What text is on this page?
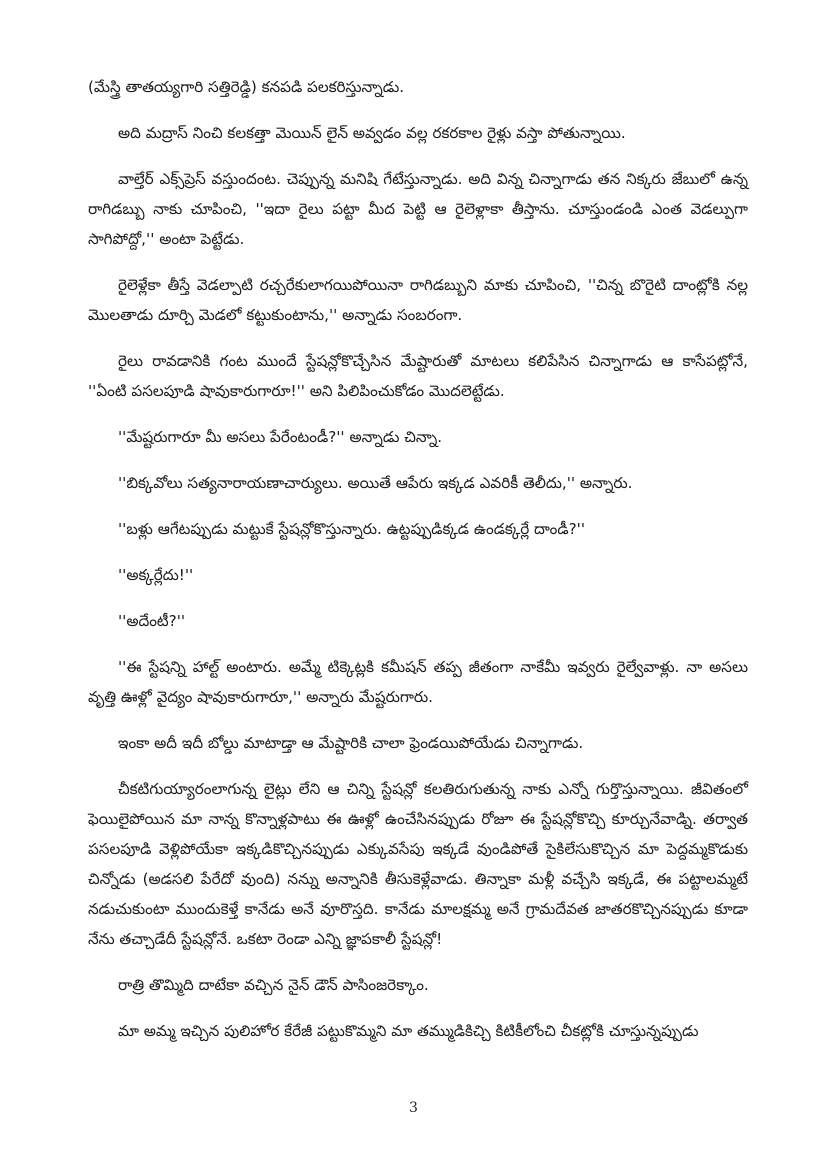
(మేస్త్రి తాతయ్యగారి సత్తిరెడ్డి) కనపడి పలకరిస్తున్నాడు.

అది మద్రాస్ నించి కలకత్తా మెయిన్ లైన్ అవ్వడం వల్ల రకరకాల రైళ్లు వస్తా పోతున్నాయి.

వాల్తేర్ ఎక్స్‌ప్రెస్ వస్తుందంట. చెప్పున్న మనిషి గేటేస్తున్నాడు. అది విన్న చిన్నాగాడు తన నిక్కరు జేబులో ఉన్న రాగిడబ్బు నాకు చూపించి, ''ఇదా రైలు పట్టా మీద పెట్టి ఆ రైలెళ్లాకా తీస్తాను. చూస్తుండండి ఎంత వెడల్పుగా సాగిపోద్దో,'' అంటా పెట్టేడు.

రైలెళ్లేకా తీస్తే వెడల్పాటి రచ్చరేకులాగయిపోయినా రాగిడబ్బుని మాకు చూపించి, ''చిన్న బొరైటి దాంట్లోకి నల్ల మొలతాడు దూర్చి మెడలో కట్టుకుంటాను,'' అన్నాడు సంబరంగా.

రైలు రావడానికి గంట ముందే స్టేషన్లోకొచ్చేసిన మేష్టారుతో మాటలు కలిపేసిన చిన్నాగాడు ఆ కాసేపట్లోనే, ''ఏంటి పసలపూడి షావుకారుగారూ!'' అని పిలిపించుకోడం మొదలెట్టేడు.

''మేష్టరుగారూ మీ అసలు పేరేంటండీ?'' అన్నాడు చిన్నా.

''బిక్కవోలు సత్యనారాయణాచార్యులు. అయితే ఆపేరు ఇక్కడ ఎవరికీ తెలీదు,'' అన్నారు.

''బళ్లు ఆగేటప్పుడు మట్టుకే స్టేషన్లోకొస్తున్నారు. ఉట్టప్పుడిక్కడ ఉండక్కర్లే దాండీ?''

''అక్కర్లేదు!''

''అదేంటీ?''

''ఈ స్టేషన్ని హాల్ట్ అంటారు. అమ్మే టిక్కెట్లకి కమీషన్ తప్ప జీతంగా నాకేమీ ఇవ్వరు రైల్వేవాళ్లు. నా అసలు వృత్తి ఊళ్లో వైద్యం షావుకారుగారూ,'' అన్నారు మేష్టరుగారు.

ఇంకా అదీ ఇదీ బోల్డు మాటాడ్తా ఆ మేష్టారికి చాలా ఫ్రెండయిపోయేడు చిన్నాగాడు.

చీకటిగుయ్యారంలాగున్న లైట్లు లేని ఆ చిన్ని స్టేషన్లో కలతిరుగుతున్న నాకు ఎన్నో గుర్తొస్తున్నాయి. జీవితంలో ఫెయిలైపోయిన మా నాన్న కొన్నాళ్లపాటు ఈ ఊళ్లో ఉంచేసినప్పుడు రోజూ ఈ స్టేషన్లోకొచ్చి కూర్చునేవాడ్ని. తర్వాత పసలపూడి వెళ్లిపోయేకా ఇక్కడికొచ్చినప్పుడు ఎక్కువసేపు ఇక్కడే వుండిపోతే సైకిలేసుకొచ్చిన మా పెద్దమ్మకొడుకు చిన్నోడు (అడసలి పేరేదో వుంది) నన్ను అన్నానికి తీసుకెళ్లేవాడు. తిన్నాకా మళ్లీ వచ్చేసి ఇక్కడే, ఈ పట్టాలమ్మటే నడుచుకుంటా ముందుకెళ్తే కానేడు అనే వూరొస్తది. కానేడు మాలక్షమ్మ అనే గ్రామదేవత జాతరకొచ్చినప్పుడు కూడా నేను తచ్చాడేదీ స్టేషన్లోనే. ఒకటా రెండా ఎన్ని జ్ఞాపకాలీ స్టేషన్లో!

రాత్రి తొమ్మిది దాటేకా వచ్చిన నైన్ డౌన్ పాసింజరెక్కాం.

మా అమ్మ ఇచ్చిన పులిహోర కేరేజీ పట్టుకొమ్మని మా తమ్ముడికిచ్చి కిటికీలోంచి చీకట్లోకి చూస్తున్నప్పుడు

3
